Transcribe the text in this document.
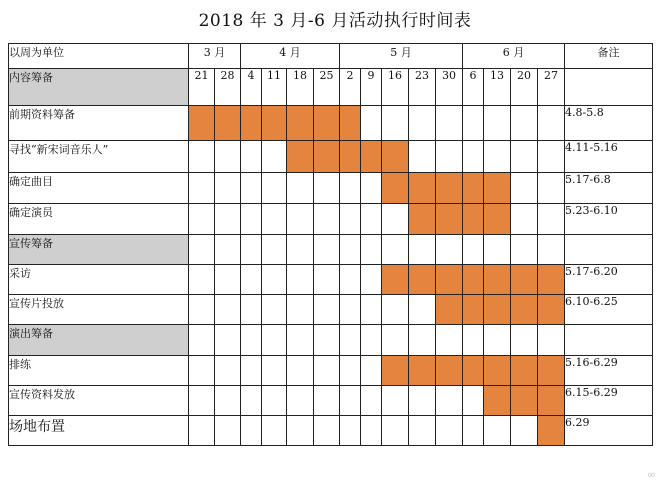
2018 年 3 月-6 月活动执行时间表
以周为单位	3 月		4 月				5 月					6 月				备注
内容筹备	21	28	4	11	18	25	2	9	16	23	30	6	13	20	27	
前期资料筹备																4.8-5.8
寻找“新宋词音乐人”																4.11-5.16
确定曲目																5.17-6.8
确定演员																5.23-6.10
宣传筹备																
采访																5.17-6.20
宣传片投放																6.10-6.25
演出筹备																
排练																5.16-6.29
宣传资料发放																6.15-6.29
场地布置																6.29
∞
